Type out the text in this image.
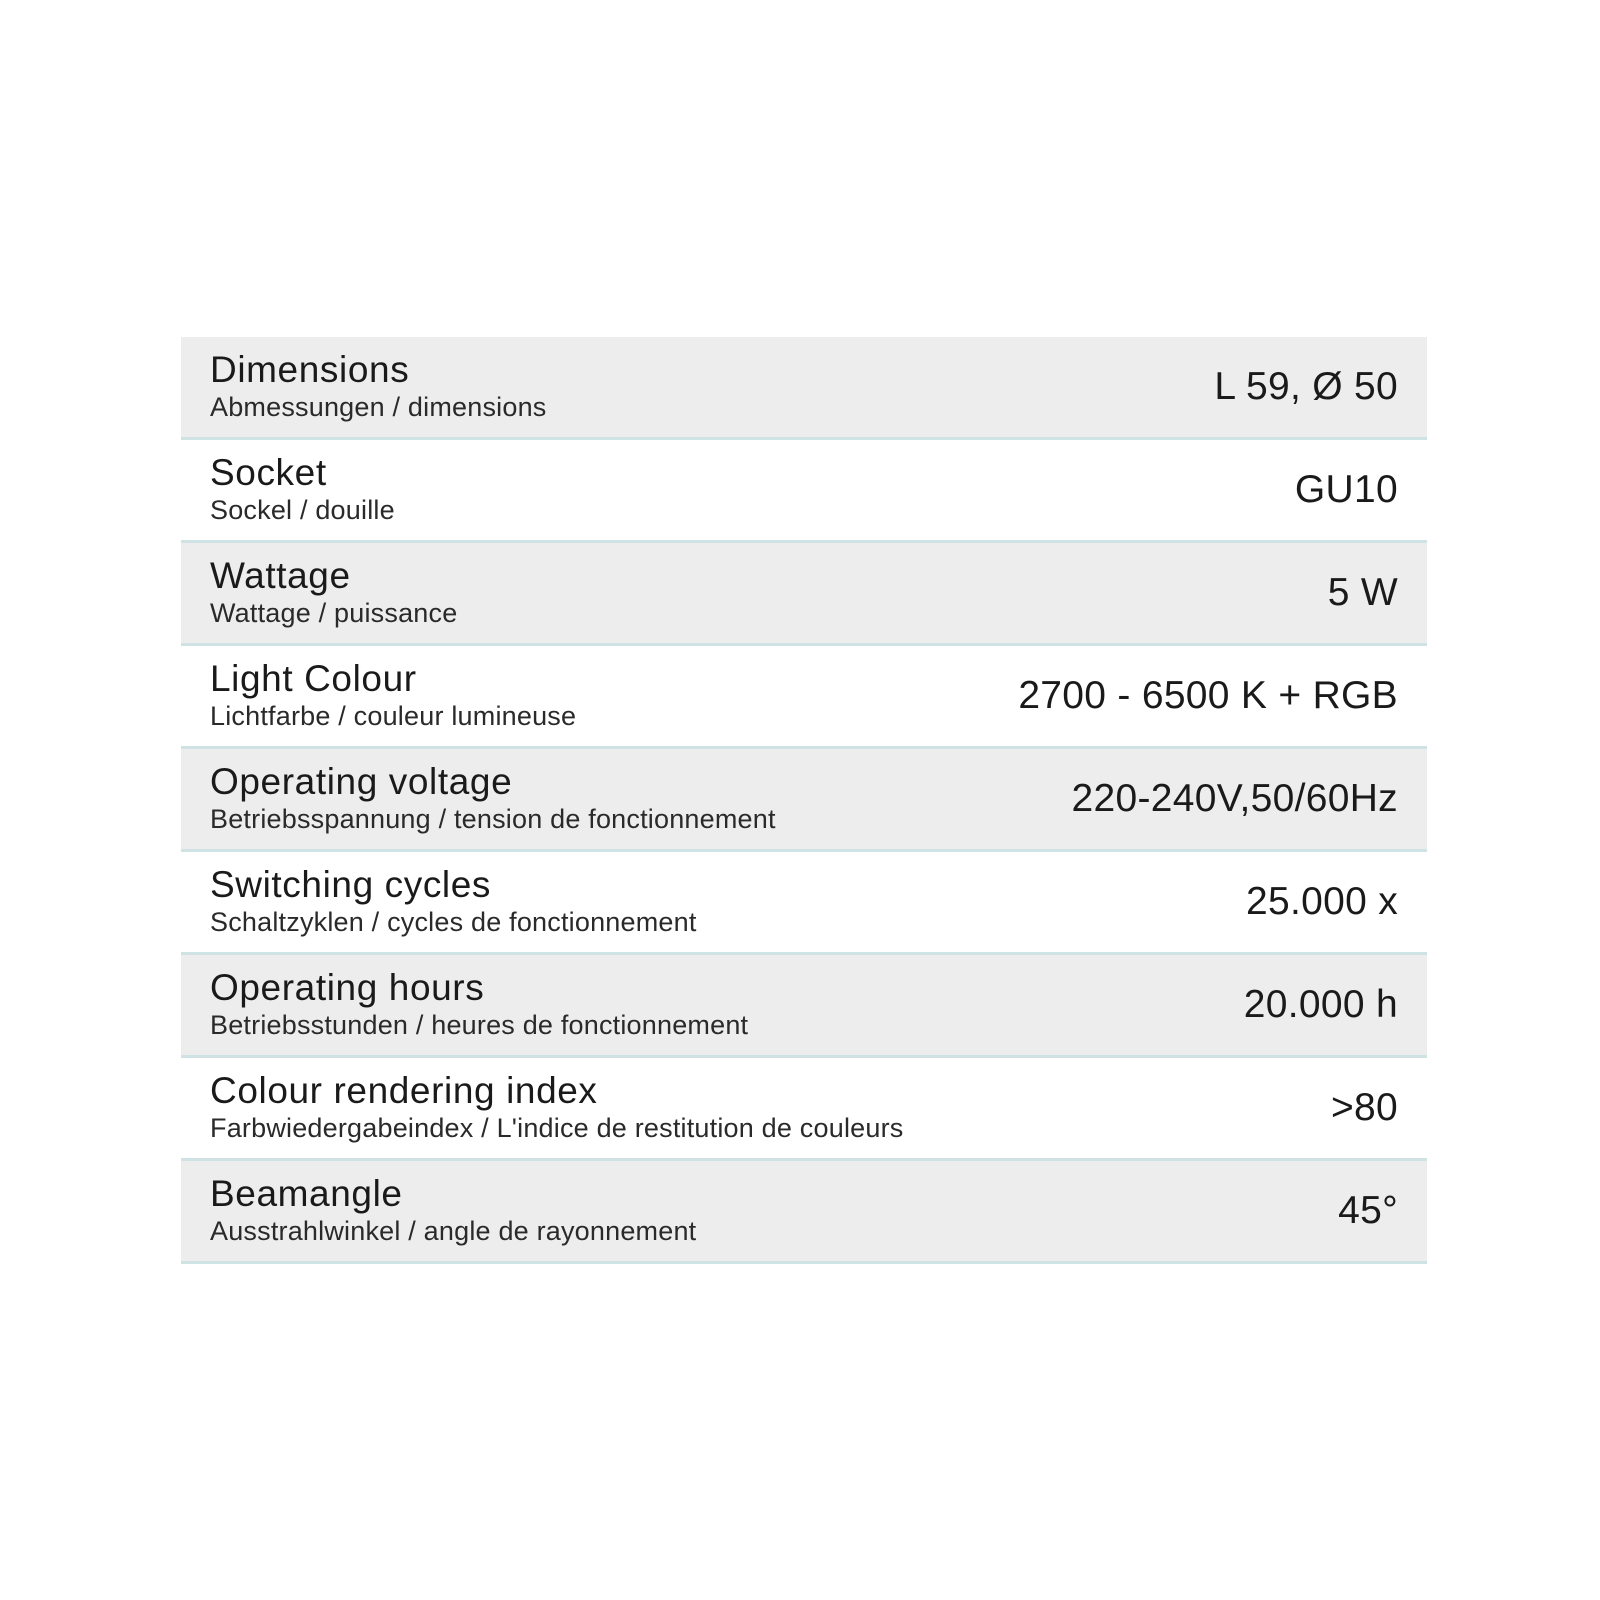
Dimensions
Abmessungen / dimensions	L 59, Ø 50
Socket
Sockel / douille	GU10
Wattage
Wattage / puissance	5 W
Light Colour
Lichtfarbe / couleur lumineuse	2700 - 6500 K + RGB
Operating voltage
Betriebsspannung / tension de fonctionnement	220-240V,50/60Hz
Switching cycles
Schaltzyklen / cycles de fonctionnement	25.000 x
Operating hours
Betriebsstunden / heures de fonctionnement	20.000 h
Colour rendering index
Farbwiedergabeindex / L'indice de restitution de couleurs	>80
Beamangle
Ausstrahlwinkel / angle de rayonnement	45°
